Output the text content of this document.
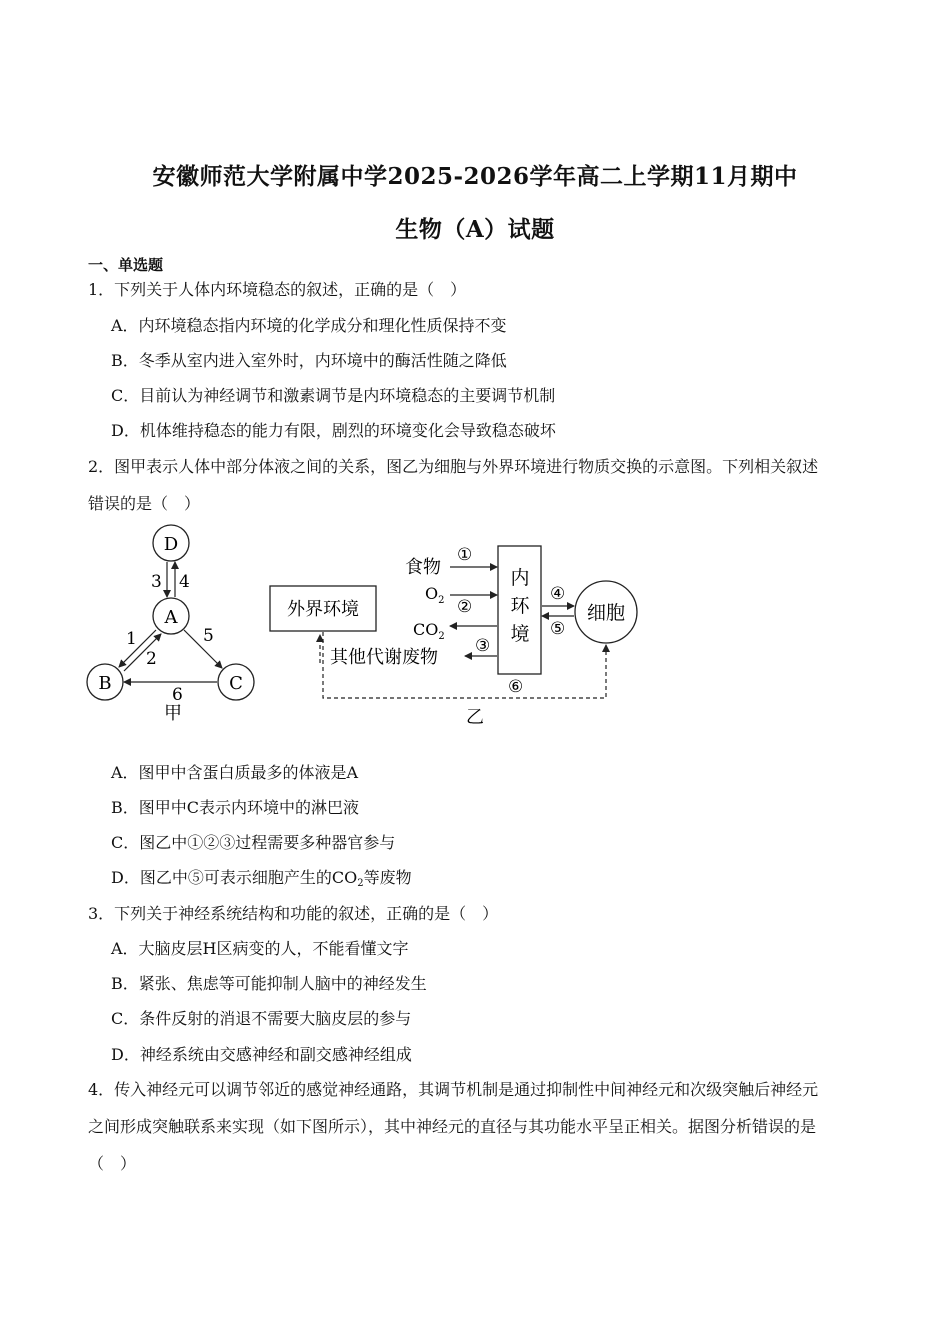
安徽师范大学附属中学2025-2026学年高二上学期11月期中
生物（A）试题
一、单选题
1．下列关于人体内环境稳态的叙述，正确的是（　）
A．内环境稳态指内环境的化学成分和理化性质保持不变
B．冬季从室内进入室外时，内环境中的酶活性随之降低
C．目前认为神经调节和激素调节是内环境稳态的主要调节机制
D．机体维持稳态的能力有限，剧烈的环境变化会导致稳态破坏
2．图甲表示人体中部分体液之间的关系，图乙为细胞与外界环境进行物质交换的示意图。下列相关叙述
错误的是（　）
D
A
B	C
3 4
1
2
5
6
甲
外界环境
内
环
境
细胞
食物
①
$O_2$ ②
$CO_2$ ③
其他代谢废物
④
⑤
⑥
乙
A．图甲中含蛋白质最多的体液是A
B．图甲中C表示内环境中的淋巴液
C．图乙中①②③过程需要多种器官参与
D．图乙中⑤可表示细胞产生的$CO_2$等废物
3．下列关于神经系统结构和功能的叙述，正确的是（　）
A．大脑皮层H区病变的人，不能看懂文字
B．紧张、焦虑等可能抑制人脑中的神经发生
C．条件反射的消退不需要大脑皮层的参与
D．神经系统由交感神经和副交感神经组成
4．传入神经元可以调节邻近的感觉神经通路，其调节机制是通过抑制性中间神经元和次级突触后神经元
之间形成突触联系来实现（如下图所示），其中神经元的直径与其功能水平呈正相关。据图分析错误的是
（　）
